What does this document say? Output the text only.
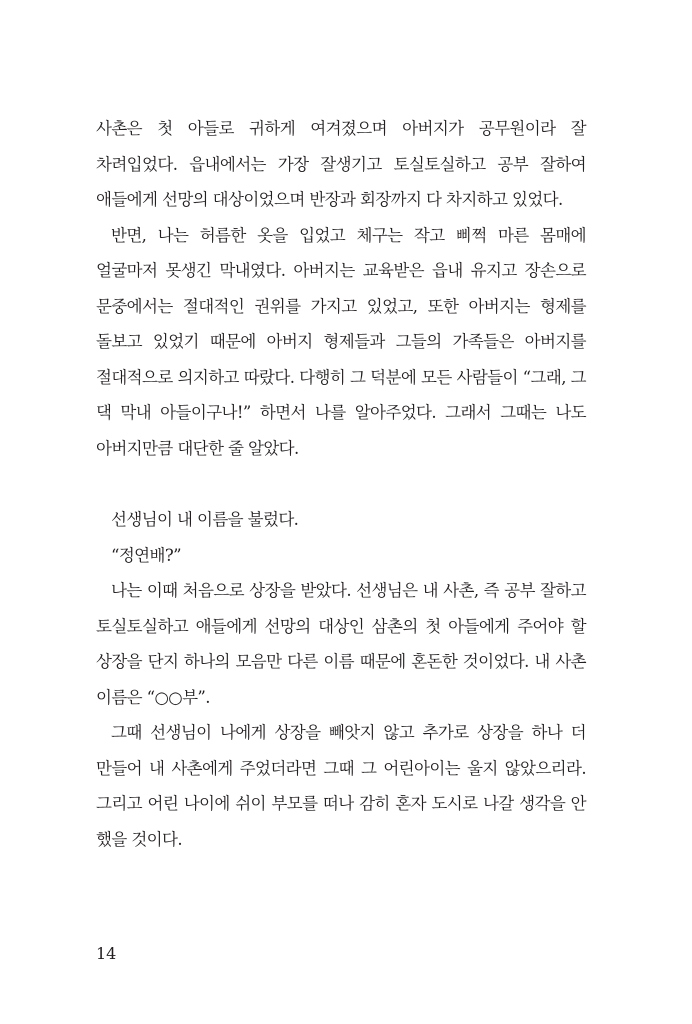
사촌은 첫 아들로 귀하게 여겨졌으며 아버지가 공무원이라 잘 차려입었다. 읍내에서는 가장 잘생기고 토실토실하고 공부 잘하여 애들에게 선망의 대상이었으며 반장과 회장까지 다 차지하고 있었다.

반면, 나는 허름한 옷을 입었고 체구는 작고 삐쩍 마른 몸매에 얼굴마저 못생긴 막내였다. 아버지는 교육받은 읍내 유지고 장손으로 문중에서는 절대적인 권위를 가지고 있었고, 또한 아버지는 형제를 돌보고 있었기 때문에 아버지 형제들과 그들의 가족들은 아버지를 절대적으로 의지하고 따랐다. 다행히 그 덕분에 모든 사람들이 “그래, 그 댁 막내 아들이구나!” 하면서 나를 알아주었다. 그래서 그때는 나도 아버지만큼 대단한 줄 알았다.

선생님이 내 이름을 불렀다.

“정연배?”

나는 이때 처음으로 상장을 받았다. 선생님은 내 사촌, 즉 공부 잘하고 토실토실하고 애들에게 선망의 대상인 삼촌의 첫 아들에게 주어야 할 상장을 단지 하나의 모음만 다른 이름 때문에 혼돈한 것이었다. 내 사촌 이름은 “○○부”.

그때 선생님이 나에게 상장을 빼앗지 않고 추가로 상장을 하나 더 만들어 내 사촌에게 주었더라면 그때 그 어린아이는 울지 않았으리라. 그리고 어린 나이에 쉬이 부모를 떠나 감히 혼자 도시로 나갈 생각을 안 했을 것이다.

14
